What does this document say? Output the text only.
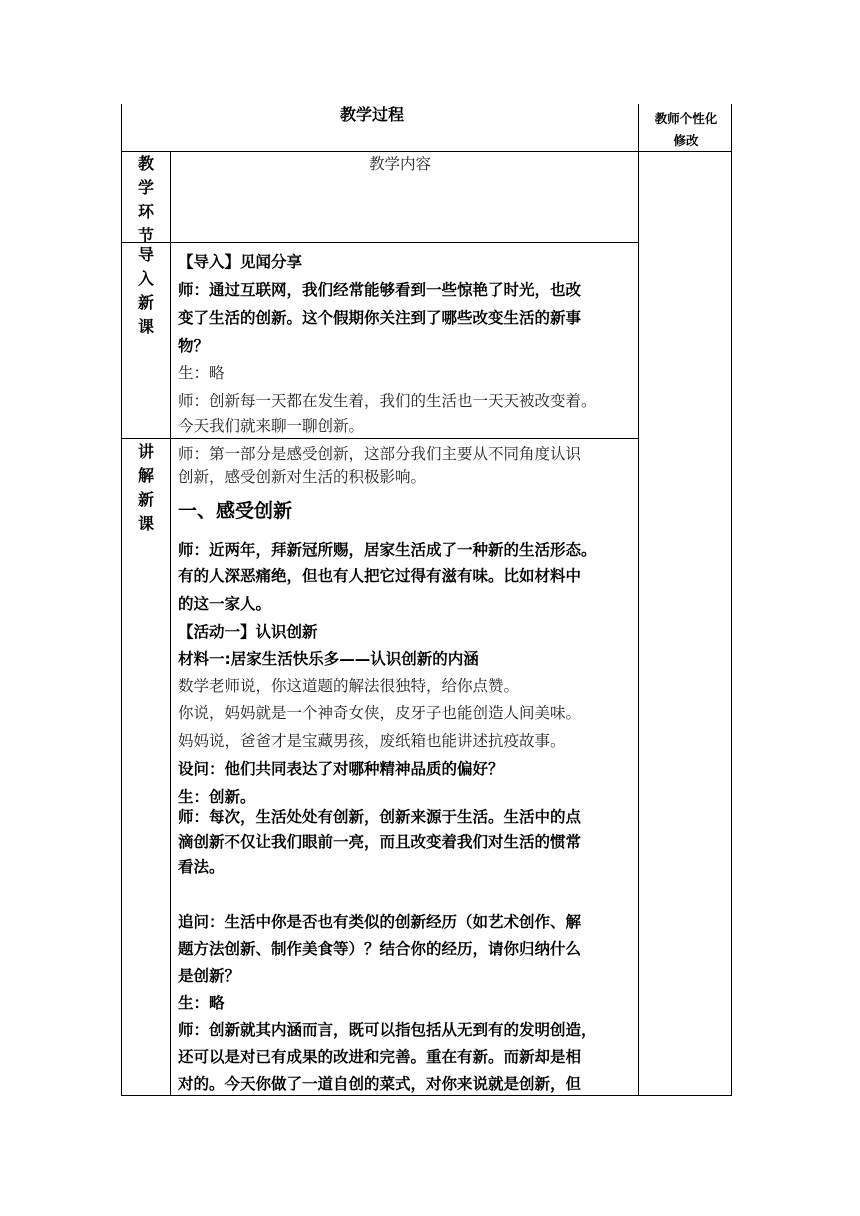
教学过程	教师个性化
修改
教学内容
教
学
环
节
导
入
新
课
讲
解
新
课
【导入】见闻分享
师：通过互联网，我们经常能够看到一些惊艳了时光，也改
变了生活的创新。这个假期你关注到了哪些改变生活的新事
物？
生：略
师：创新每一天都在发生着，我们的生活也一天天被改变着。
今天我们就来聊一聊创新。
师：第一部分是感受创新，这部分我们主要从不同角度认识
创新，感受创新对生活的积极影响。
一、感受创新
师：近两年，拜新冠所赐，居家生活成了一种新的生活形态。
有的人深恶痛绝，但也有人把它过得有滋有味。比如材料中
的这一家人。
【活动一】认识创新
材料一:居家生活快乐多——认识创新的内涵
数学老师说，你这道题的解法很独特，给你点赞。
你说，妈妈就是一个神奇女侠，皮牙子也能创造人间美味。
妈妈说，爸爸才是宝藏男孩，废纸箱也能讲述抗疫故事。
设问：他们共同表达了对哪种精神品质的偏好？
生：创新。
师：每次，生活处处有创新，创新来源于生活。生活中的点
滴创新不仅让我们眼前一亮，而且改变着我们对生活的惯常
看法。
追问：生活中你是否也有类似的创新经历（如艺术创作、解
题方法创新、制作美食等）？结合你的经历，请你归纳什么
是创新？
生：略
师：创新就其内涵而言，既可以指包括从无到有的发明创造，
还可以是对已有成果的改进和完善。重在有新。而新却是相
对的。今天你做了一道自创的菜式，对你来说就是创新，但
